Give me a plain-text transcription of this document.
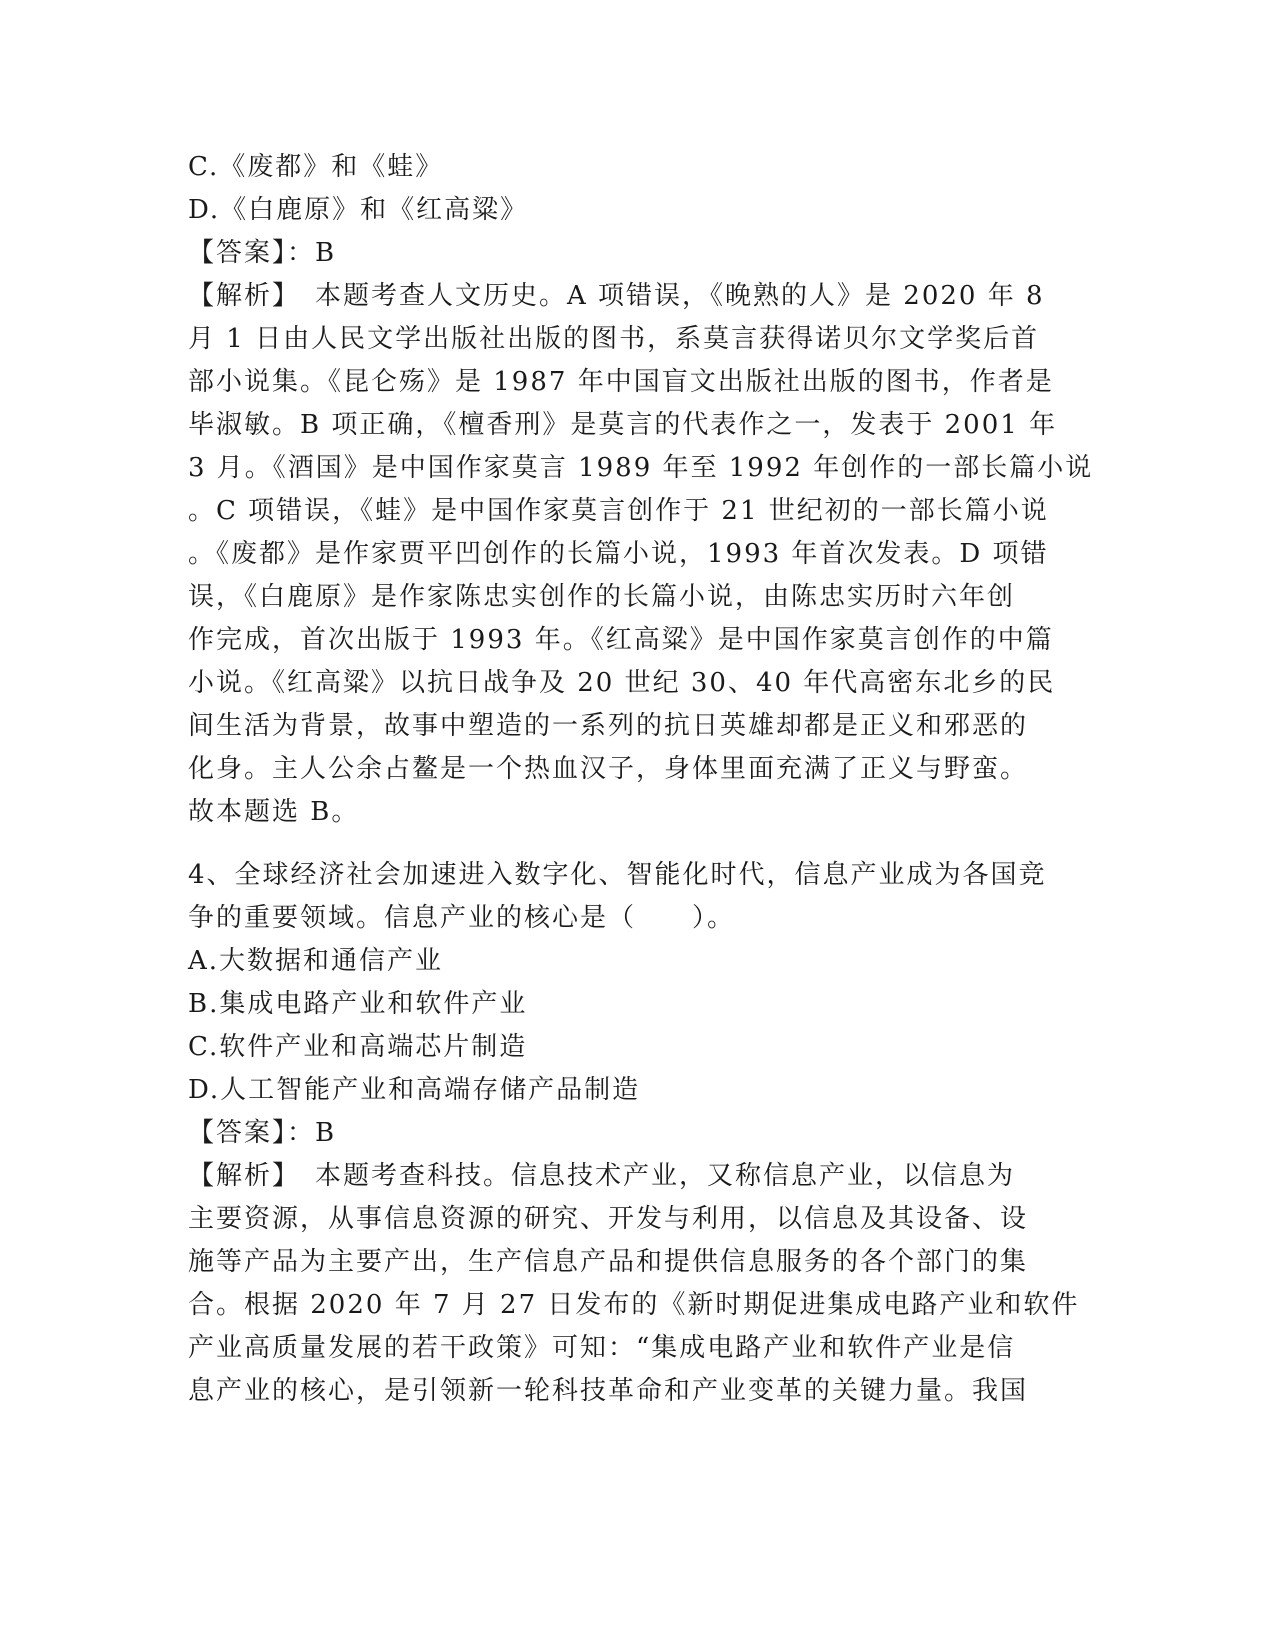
C.《废都》和《蛙》
D.《白鹿原》和《红高粱》
【答案】：B
【解析】　本题考查人文历史。A 项错误，《晚熟的人》是 2020 年 8
月 1 日由人民文学出版社出版的图书，系莫言获得诺贝尔文学奖后首
部小说集。《昆仑殇》是 1987 年中国盲文出版社出版的图书，作者是
毕淑敏。B 项正确，《檀香刑》是莫言的代表作之一，发表于 2001 年
3 月。《酒国》是中国作家莫言 1989 年至 1992 年创作的一部长篇小说
。C 项错误，《蛙》是中国作家莫言创作于 21 世纪初的一部长篇小说
。《废都》是作家贾平凹创作的长篇小说，1993 年首次发表。D 项错
误，《白鹿原》是作家陈忠实创作的长篇小说，由陈忠实历时六年创
作完成，首次出版于 1993 年。《红高粱》是中国作家莫言创作的中篇
小说。《红高粱》以抗日战争及 20 世纪 30、40 年代高密东北乡的民
间生活为背景，故事中塑造的一系列的抗日英雄却都是正义和邪恶的
化身。主人公余占鳌是一个热血汉子，身体里面充满了正义与野蛮。
故本题选 B。
4、全球经济社会加速进入数字化、智能化时代，信息产业成为各国竞
争的重要领域。信息产业的核心是（　　）。
A.大数据和通信产业
B.集成电路产业和软件产业
C.软件产业和高端芯片制造
D.人工智能产业和高端存储产品制造
【答案】：B
【解析】　本题考查科技。信息技术产业，又称信息产业，以信息为
主要资源，从事信息资源的研究、开发与利用，以信息及其设备、设
施等产品为主要产出，生产信息产品和提供信息服务的各个部门的集
合。根据 2020 年 7 月 27 日发布的《新时期促进集成电路产业和软件
产业高质量发展的若干政策》可知：“集成电路产业和软件产业是信
息产业的核心，是引领新一轮科技革命和产业变革的关键力量。我国
